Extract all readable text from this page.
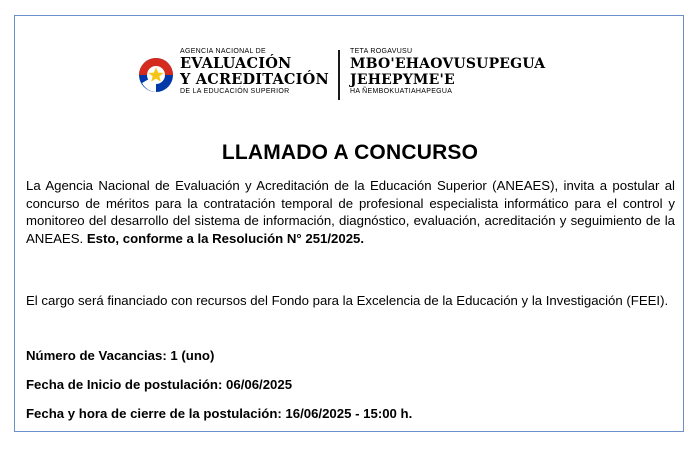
AGENCIA NACIONAL DE
EVALUACIÓN
Y ACREDITACIÓN
DE LA EDUCACIÓN SUPERIOR
TETA ROGAVUSU
MBO'EHAOVUSUPEGUA
JEHEPYME'E
HA ÑEMBOKUATIAHAPEGUA
LLAMADO A CONCURSO

La Agencia Nacional de Evaluación y Acreditación de la Educación Superior (ANEAES), invita a postular al concurso de méritos para la contratación temporal de profesional especialista informático para el control y monitoreo del desarrollo del sistema de información, diagnóstico, evaluación, acreditación y seguimiento de la ANEAES. Esto, conforme a la Resolución N° 251/2025.

El cargo será financiado con recursos del Fondo para la Excelencia de la Educación y la Investigación (FEEI).

Número de Vacancias: 1 (uno)

Fecha de Inicio de postulación: 06/06/2025

Fecha y hora de cierre de la postulación: 16/06/2025 - 15:00 h.
